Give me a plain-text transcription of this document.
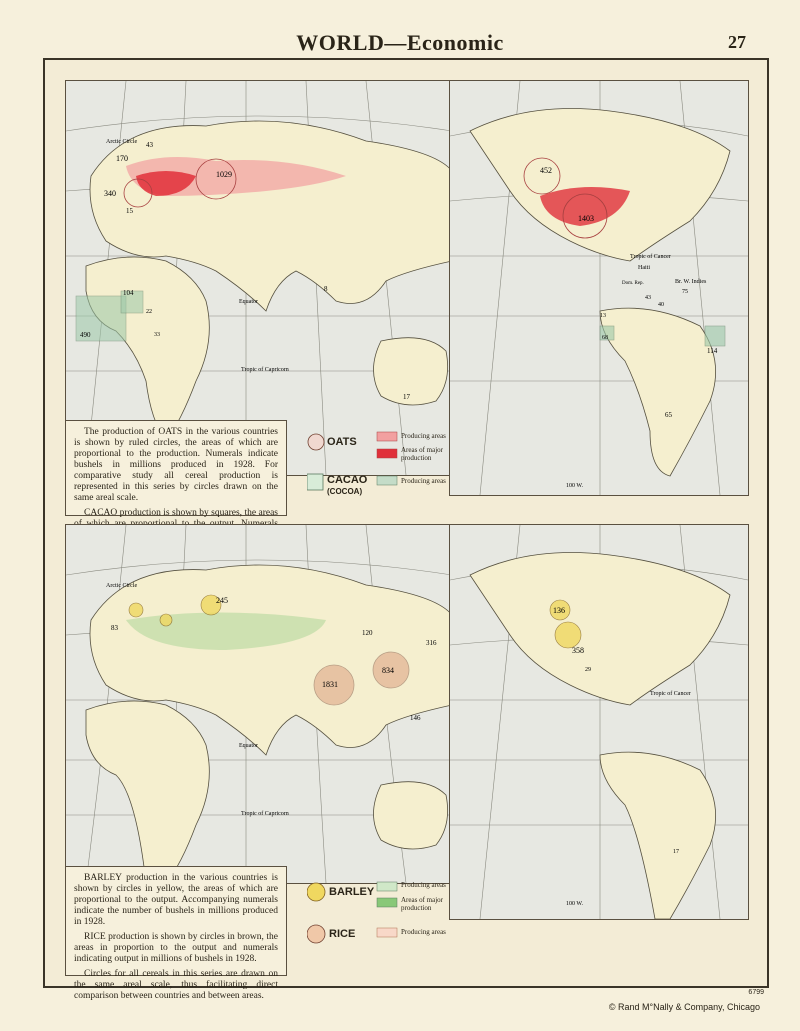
WORLD—Economic	27
Arctic Circle
Equator
Tropic of Capricorn
1029
170
43
340
15
104
490
22
33
17
8
Tropic of Cancer
Haiti
Dom. Rep.	Br. W. Indies
452
1403
114
68
65
43
40
75
13
100 W.

The production of OATS in the various countries is shown by ruled circles, the areas of which are proportional to the production. Numerals indicate bushels in millions produced in 1928. For comparative study all cereal production is represented in this series by circles drawn on the same areal scale.

CACAO production is shown by squares, the areas

OATS	Producing areas
Areas of major production
CACAO
(COCOA)
Producing areas
Arctic Circle
Equator
Tropic of Capricorn
245
1831
834
146
316
120
83
Tropic of Cancer
136
358
29
17
100 W.

BARLEY production in the various countries is shown by circles in yellow, the areas of which are proportional to the output. Accompanying numerals indicate the number of bushels in millions produced in 1928.

RICE production is shown by circles in brown, the areas in proportion to the output and numerals indicating output in millions of bushels in 1928.

Circles for all cereals in this series are drawn on the same areal scale, thus facilitating direct comparison between countries and between areas.

BARLEY
Producing areas
Areas of major production
RICE	Producing areas
6799
© Rand M°Nally & Company, Chicago
